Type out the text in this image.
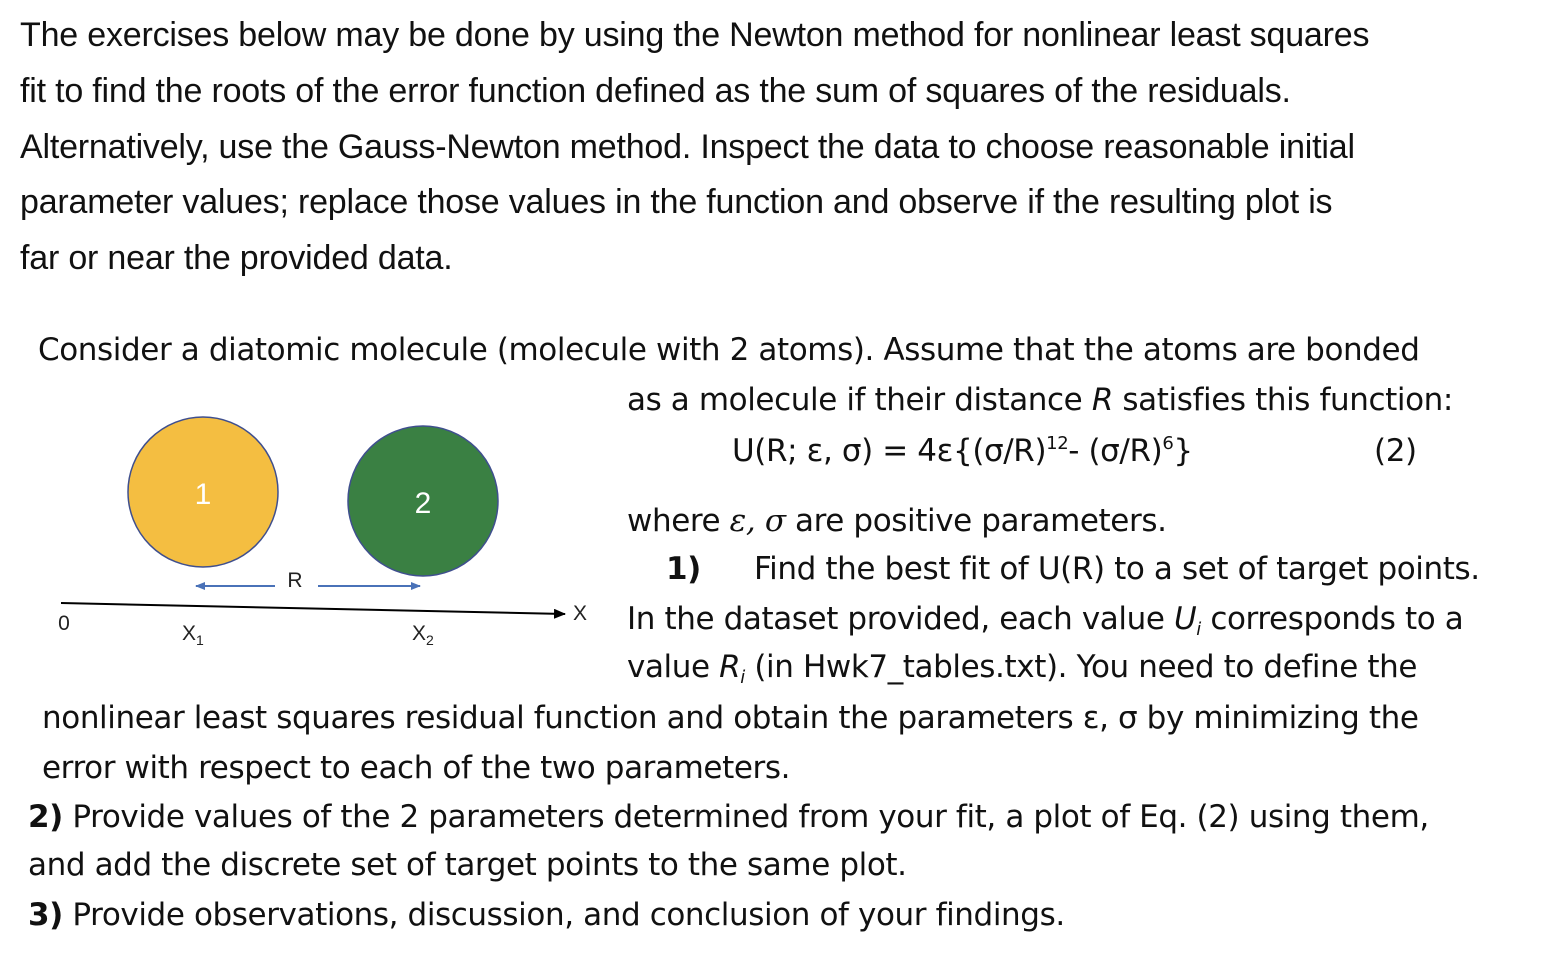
The exercises below may be done by using the Newton method for nonlinear least squares
fit to find the roots of the error function defined as the sum of squares of the residuals.
Alternatively, use the Gauss-Newton method. Inspect the data to choose reasonable initial
parameter values; replace those values in the function and observe if the resulting plot is
far or near the provided data.
Consider a diatomic molecule (molecule with 2 atoms). Assume that the atoms are bonded
as a molecule if their distance R satisfies this function:
U(R; ε, $\sigma) = 4\varepsilon\{(\sigma/R)^{12}-$ $(\sigma/R)^6$}	(2)
where ε, σ are positive parameters.
1) Find the best fit of U(R) to a set of target points.
In the dataset provided, each value $U_i$ corresponds to a
value $R_i$ (in Hwk7_tables.txt). You need to define the
nonlinear least squares residual function and obtain the parameters ε, σ by minimizing the
error with respect to each of the two parameters.
2) Provide values of the 2 parameters determined from your fit, a plot of Eq. (2) using them,
and add the discrete set of target points to the same plot.
3) Provide observations, discussion, and conclusion of your findings.
1	2
R
0	X
$X_1$	$X_2$
